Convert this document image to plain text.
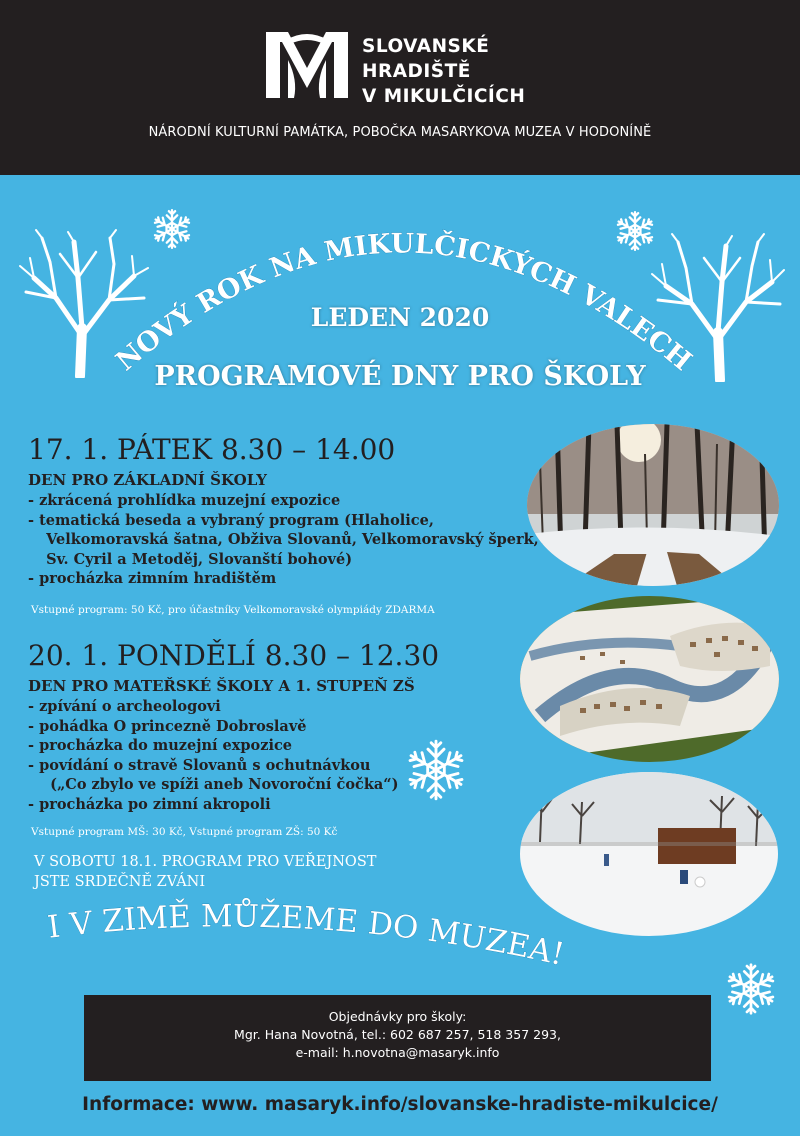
SLOVANSKÉ
HRADIŠTĚ
V MIKULČICÍCH
NÁRODNÍ KULTURNÍ PAMÁTKA, POBOČKA MASARYKOVA MUZEA V HODONÍNĚ
NOVÝ ROK NA MIKULČICKÝCH VALECH
LEDEN 2020
PROGRAMOVÉ DNY PRO ŠKOLY
17. 1. PÁTEK 8.30 – 14.00
DEN PRO ZÁKLADNÍ ŠKOLY
- zkrácená prohlídka muzejní expozice
- tematická beseda a vybraný program (Hlaholice,
Velkomoravská šatna, Obživa Slovanů, Velkomoravský šperk,
Sv. Cyril a Metoděj, Slovanští bohové)
- procházka zimním hradištěm
Vstupné program: 50 Kč, pro účastníky Velkomoravské olympiády ZDARMA
20. 1. PONDĚLÍ 8.30 – 12.30
DEN PRO MATEŘSKÉ ŠKOLY A 1. STUPEŇ ZŠ
- zpívání o archeologovi
- pohádka O princezně Dobroslavě
- procházka do muzejní expozice
- povídání o stravě Slovanů s ochutnávkou
(„Co zbylo ve spíži aneb Novoroční čočka“)
- procházka po zimní akropoli
Vstupné program MŠ: 30 Kč, Vstupné program ZŠ: 50 Kč
V SOBOTU 18.1. PROGRAM PRO VEŘEJNOST
JSTE SRDEČNĚ ZVÁNI
I V ZIMĚ MŮŽEME DO MUZEA!
Objednávky pro školy:
Mgr. Hana Novotná, tel.: 602 687 257, 518 357 293,
e-mail: h.novotna@masaryk.info
Informace: www. masaryk.info/slovanske-hradiste-mikulcice/
